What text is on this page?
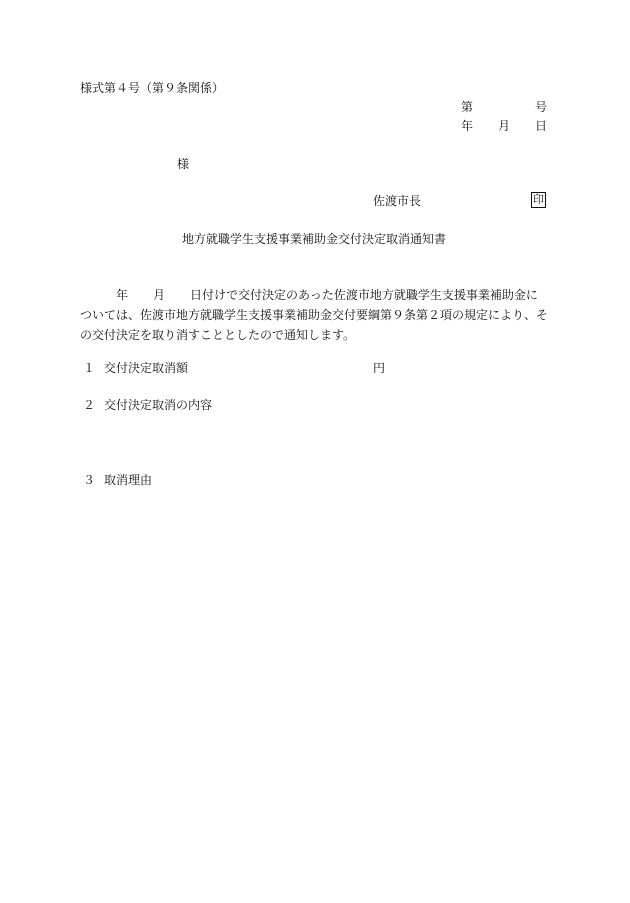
様式第４号（第９条関係）
第	号
年 月 日
様
佐渡市長	印
地方就職学生支援事業補助金交付決定取消通知書

年 月 日付けで交付決定のあった佐渡市地方就職学生支援事業補助金に

ついては、佐渡市地方就職学生支援事業補助金交付要綱第９条第２項の規定により、そ

の交付決定を取り消すこととしたので通知します。

１ 交付決定取消額	円
２ 交付決定取消の内容
３ 取消理由
